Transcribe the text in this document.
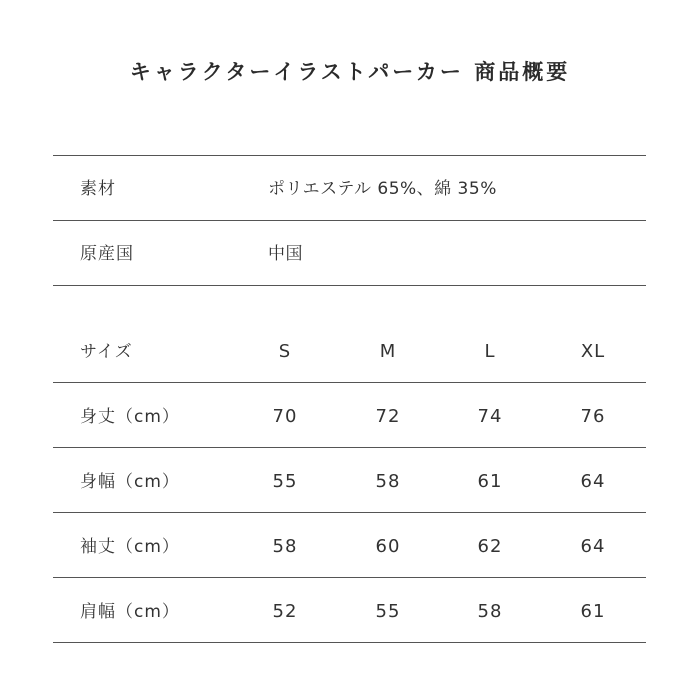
キャラクターイラストパーカー 商品概要
素材	ポリエステル 65%、綿 35%
原産国	中国
サイズ	S	M	L	XL
身丈（cm）	70	72	74	76
身幅（cm）	55	58	61	64
袖丈（cm）	58	60	62	64
肩幅（cm）	52	55	58	61
